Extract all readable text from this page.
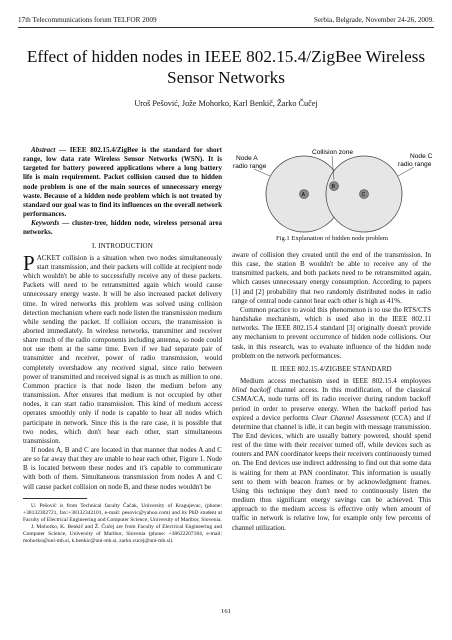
17th Telecommunications forum TELFOR 2009	Serbia, Belgrade, November 24-26, 2009.
Effect of hidden nodes in IEEE 802.15.4/ZigBee Wireless Sensor Networks
Uroš Pešović, Jože Mohorko, Karl Benkič, Žarko Čučej

Abstract — IEEE 802.15.4/ZigBee is the standard for short range, low data rate Wireless Sensor Networks (WSN). It is targeted for battery powered applications where a long battery life is main requirement. Packet collision caused due to hidden node problem is one of the main sources of unnecessary energy waste. Because of a hidden node problem which is not treated by standard our goal was to find its influences on the overall network performances.

Keywords — cluster-tree, hidden node, wireless personal area networks.

I. INTRODUCTION

PACKET collision is a situation when two nodes simultaneously start transmission, and their packets will collide at recipient node which wouldn't be able to successfully receive any of these packets. Packets will need to be retransmitted again which would cause unnecessary energy waste. It will be also increased packet delivery time. In wired networks this problem was solved using collision detection mechanism where each node listen the transmission medium while sending the packet. If collision occurs, the transmission is aborted immediately. In wireless networks, transmitter and receiver share much of the radio components including antenna, so node could not use them at the same time. Even if we had separate pair of transmitter and receiver, power of radio transmission, would completely overshadow any received signal, since ratio between power of transmitted and received signal is as much as million to one. Common practice is that node listen the medium before any transmission. After ensures that medium is not occupied by other nodes, it can start radio transmission. This kind of medium access operates smoothly only if node is capable to hear all nodes which participate in network. Since this is the rare case, it is possible that two nodes, which don't hear each other, start simultaneous transmission.

If nodes A, B and C are located in that manner that nodes A and C are so far away that they are unable to hear each other, Figure 1. Node B is located between these nodes and it's capable to communicate with both of them. Simultaneous transmission from nodes A and C will cause packet collision on node B, and these nodes wouldn't be

U. Pešović is from Technical faculty Čačak, University of Kragujevac, (phone: +38132302721, fax:+38132342101, e-mail: pesovic@yahoo.com) and its PhD student at Faculty of Electrical Engineering and Computer Science, University of Maribor, Slovenia.

J. Mohorko, K. Benkič and Ž. Čučej are from Faculty of Electrical Engineering and Computer Science, University of Maribor, Slovenia (phone: +38622207184, e-mail: mohorko@uni-mb.si, k.benkic@uni-mb.si, zarko.cucej@uni-mb.si).

B
A	C
Collision zone
Node A
radio range
Node C
radio range
Fig.1 Explanation of hidden node problem

aware of collision they created until the end of the transmission. In this case, the station B wouldn't be able to receive any of the transmitted packets, and both packets need to be retransmitted again, which causes unnecessary energy consumption. According to papers [1] and [2] probability that two randomly distributed nodes in radio range of central node cannot hear each other is high as 41%.

Common practice to avoid this phenomenon is to use the RTS/CTS handshake mechanism, which is used also in the IEEE 802.11 networks. The IEEE 802.15.4 standard [3] originally doesn't provide any mechanism to prevent occurrence of hidden node collisions. Our task, in this research, was to evaluate influence of the hidden node problem on the network performances.

II. IEEE 802.15.4/ZIGBEE STANDARD

Medium access mechanism used in IEEE 802.15.4 employees blind backoff channel access. In this modification, of the classical CSMA/CA, node turns off its radio receiver during random backoff period in order to preserve energy. When the backoff period has expired a device performs Clear Channel Assessment (CCA) and if determine that channel is idle, it can begin with message transmission. The End devices, which are usually battery powered, should spend rest of the time with their receiver turned off, while devices such as routers and PAN coordinator keeps their receivers continuously turned on. The End devices use indirect addressing to find out that some data is waiting for them at PAN coordinator. This information is usually sent to them with beacon frames or by acknowledgment frames. Using this technique they don't need to continuously listen the medium thus significant energy savings can be achieved. This approach to the medium access is effective only when amount of traffic in network is relative low, for example only few percents of channel utilization.

161
